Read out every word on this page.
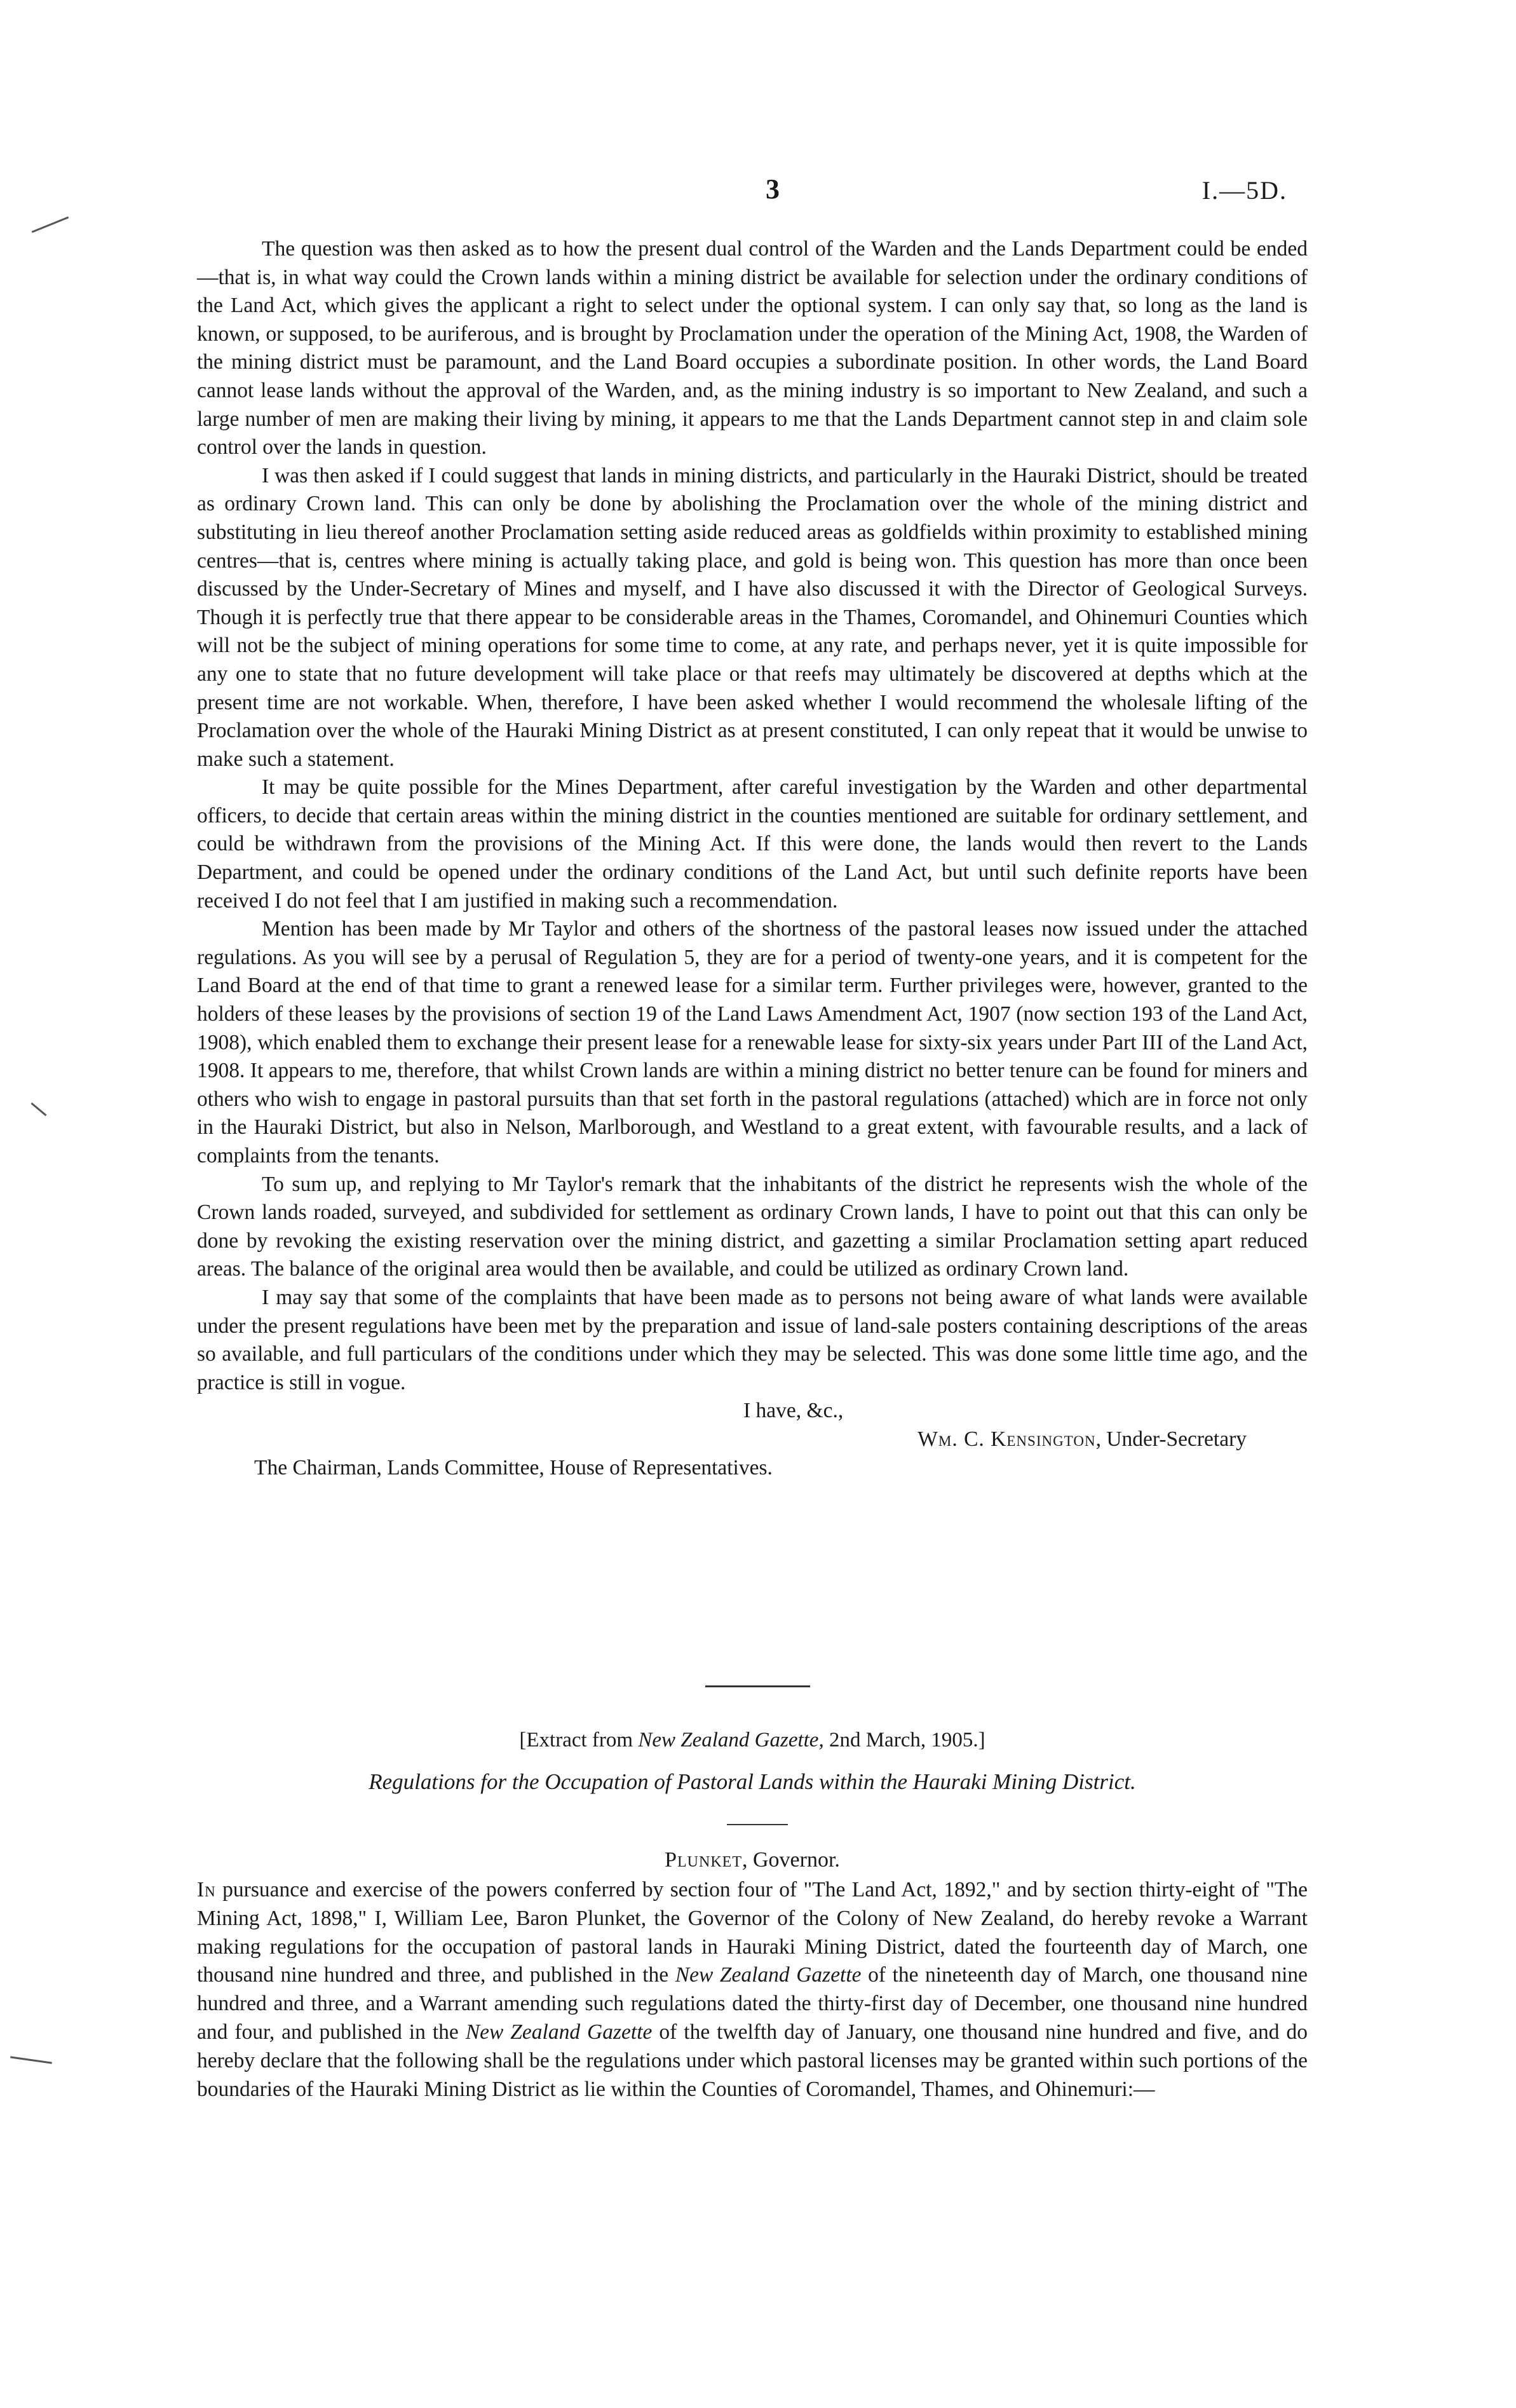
3	I.—5D.

The question was then asked as to how the present dual control of the Warden and the Lands Department could be ended—that is, in what way could the Crown lands within a mining district be available for selection under the ordinary conditions of the Land Act, which gives the applicant a right to select under the optional system. I can only say that, so long as the land is known, or supposed, to be auriferous, and is brought by Proclamation under the operation of the Mining Act, 1908, the Warden of the mining district must be paramount, and the Land Board occupies a subordinate position. In other words, the Land Board cannot lease lands without the approval of the Warden, and, as the mining industry is so important to New Zealand, and such a large number of men are making their living by mining, it appears to me that the Lands Department cannot step in and claim sole control over the lands in question.

I was then asked if I could suggest that lands in mining districts, and particularly in the Hauraki District, should be treated as ordinary Crown land. This can only be done by abolishing the Proclamation over the whole of the mining district and substituting in lieu thereof another Proclamation setting aside reduced areas as goldfields within proximity to established mining centres—that is, centres where mining is actually taking place, and gold is being won. This question has more than once been discussed by the Under-Secretary of Mines and myself, and I have also discussed it with the Director of Geological Surveys. Though it is perfectly true that there appear to be considerable areas in the Thames, Coromandel, and Ohinemuri Counties which will not be the subject of mining operations for some time to come, at any rate, and perhaps never, yet it is quite impossible for any one to state that no future development will take place or that reefs may ultimately be discovered at depths which at the present time are not workable. When, therefore, I have been asked whether I would recommend the wholesale lifting of the Proclamation over the whole of the Hauraki Mining District as at present constituted, I can only repeat that it would be unwise to make such a statement.

It may be quite possible for the Mines Department, after careful investigation by the Warden and other departmental officers, to decide that certain areas within the mining district in the counties mentioned are suitable for ordinary settlement, and could be withdrawn from the provisions of the Mining Act. If this were done, the lands would then revert to the Lands Department, and could be opened under the ordinary conditions of the Land Act, but until such definite reports have been received I do not feel that I am justified in making such a recommendation.

Mention has been made by Mr Taylor and others of the shortness of the pastoral leases now issued under the attached regulations. As you will see by a perusal of Regulation 5, they are for a period of twenty-one years, and it is competent for the Land Board at the end of that time to grant a renewed lease for a similar term. Further privileges were, however, granted to the holders of these leases by the provisions of section 19 of the Land Laws Amendment Act, 1907 (now section 193 of the Land Act, 1908), which enabled them to exchange their present lease for a renewable lease for sixty-six years under Part III of the Land Act, 1908. It appears to me, therefore, that whilst Crown lands are within a mining district no better tenure can be found for miners and others who wish to engage in pastoral pursuits than that set forth in the pastoral regulations (attached) which are in force not only in the Hauraki District, but also in Nelson, Marlborough, and Westland to a great extent, with favourable results, and a lack of complaints from the tenants.

To sum up, and replying to Mr Taylor's remark that the inhabitants of the district he represents wish the whole of the Crown lands roaded, surveyed, and subdivided for settlement as ordinary Crown lands, I have to point out that this can only be done by revoking the existing reservation over the mining district, and gazetting a similar Proclamation setting apart reduced areas. The balance of the original area would then be available, and could be utilized as ordinary Crown land.

I may say that some of the complaints that have been made as to persons not being aware of what lands were available under the present regulations have been met by the preparation and issue of land-sale posters containing descriptions of the areas so available, and full particulars of the conditions under which they may be selected. This was done some little time ago, and the practice is still in vogue.

I have, &c.,
Wm. C. Kensington, Under-Secretary
The Chairman, Lands Committee, House of Representatives.
[Extract from New Zealand Gazette, 2nd March, 1905.]
Regulations for the Occupation of Pastoral Lands within the Hauraki Mining District.
Plunket, Governor.

In pursuance and exercise of the powers conferred by section four of "The Land Act, 1892," and by section thirty-eight of "The Mining Act, 1898," I, William Lee, Baron Plunket, the Governor of the Colony of New Zealand, do hereby revoke a Warrant making regulations for the occupation of pastoral lands in Hauraki Mining District, dated the fourteenth day of March, one thousand nine hundred and three, and published in the New Zealand Gazette of the nineteenth day of March, one thousand nine hundred and three, and a Warrant amending such regulations dated the thirty-first day of December, one thousand nine hundred and four, and published in the New Zealand Gazette of the twelfth day of January, one thousand nine hundred and five, and do hereby declare that the following shall be the regulations under which pastoral licenses may be granted within such portions of the boundaries of the Hauraki Mining District as lie within the Counties of Coromandel, Thames, and Ohinemuri:—
